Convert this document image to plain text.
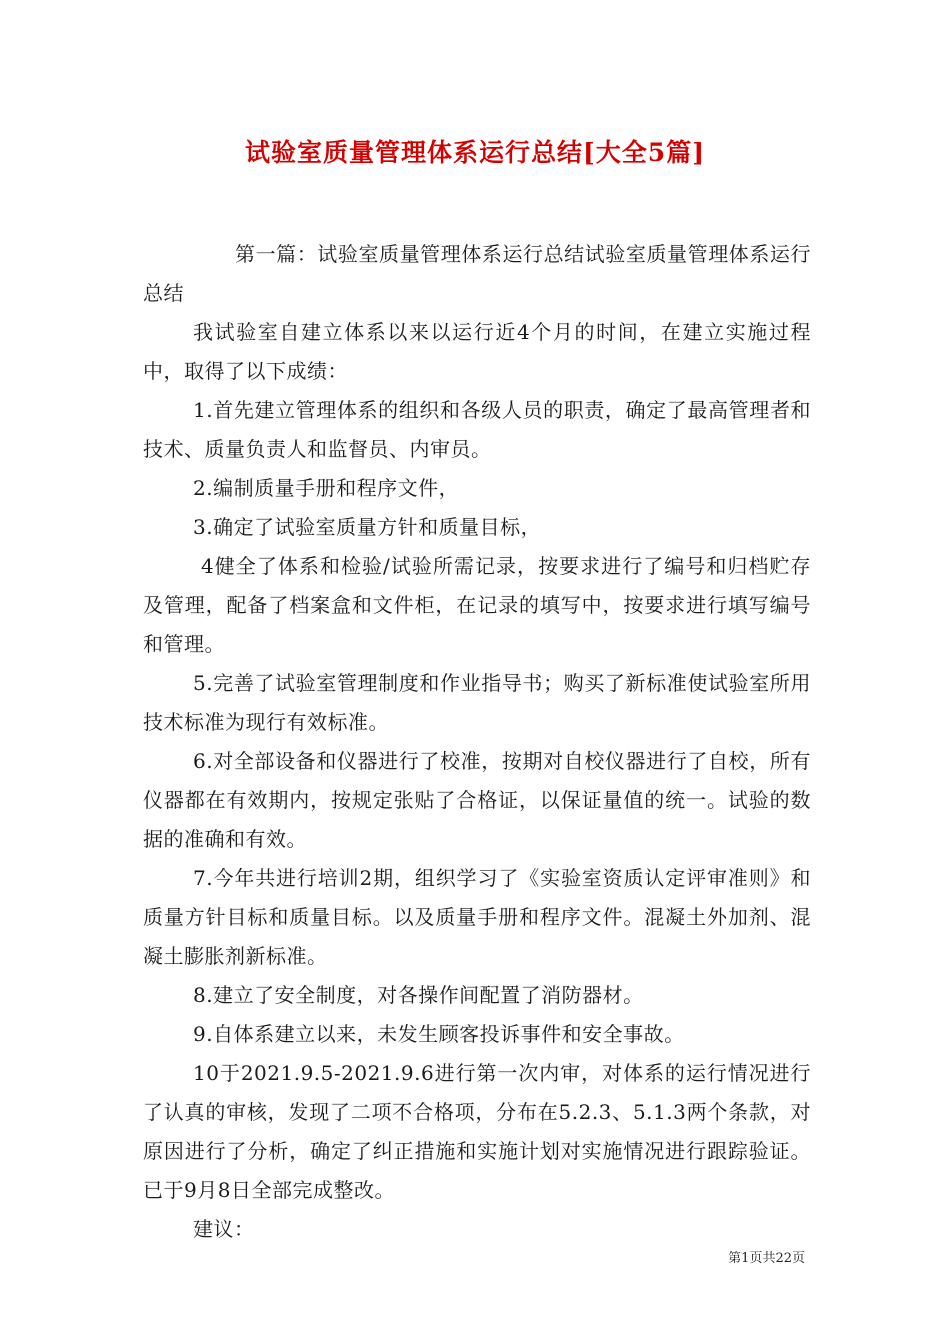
试验室质量管理体系运行总结[大全5篇]

第一篇：试验室质量管理体系运行总结试验室质量管理体系运行总结

我试验室自建立体系以来以运行近4个月的时间，在建立实施过程中，取得了以下成绩：

1.首先建立管理体系的组织和各级人员的职责，确定了最高管理者和技术、质量负责人和监督员、内审员。

2.编制质量手册和程序文件，

3.确定了试验室质量方针和质量目标，

4健全了体系和检验/试验所需记录，按要求进行了编号和归档贮存及管理，配备了档案盒和文件柜，在记录的填写中，按要求进行填写编号和管理。

5.完善了试验室管理制度和作业指导书；购买了新标准使试验室所用技术标准为现行有效标准。

6.对全部设备和仪器进行了校准，按期对自校仪器进行了自校，所有仪器都在有效期内，按规定张贴了合格证，以保证量值的统一。试验的数据的准确和有效。

7.今年共进行培训2期，组织学习了《实验室资质认定评审准则》和质量方针目标和质量目标。以及质量手册和程序文件。混凝土外加剂、混凝土膨胀剂新标准。

8.建立了安全制度，对各操作间配置了消防器材。

9.自体系建立以来，未发生顾客投诉事件和安全事故。

10于2021.9.5-2021.9.6进行第一次内审，对体系的运行情况进行了认真的审核，发现了二项不合格项，分布在5.2.3、5.1.3两个条款，对原因进行了分析，确定了纠正措施和实施计划对实施情况进行跟踪验证。已于9月8日全部完成整改。

建议：

第1页共22页
